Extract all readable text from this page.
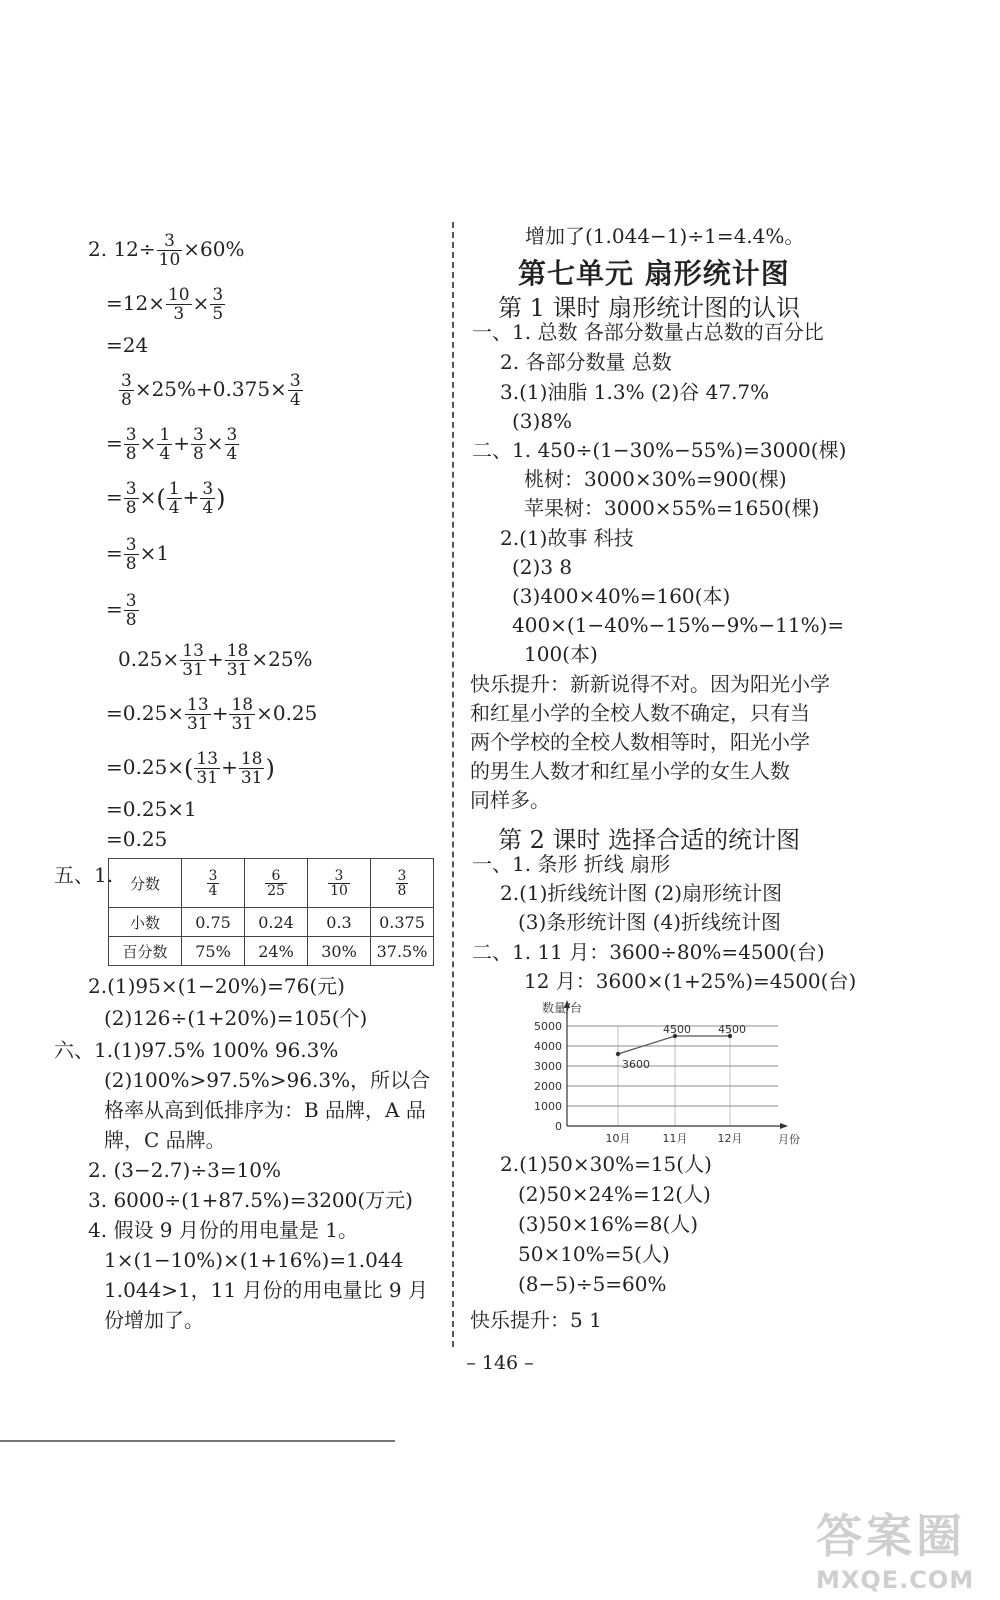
2. $12\div \frac{3}{10} \times 60\%$
$=12\times \frac{10}{3} \times \frac{3}{5}$
=24
$\frac{3}{8} \times 25\%+0.375\times \frac{3}{4}$
= $\frac{3}{8} \times \frac{1}{4} + \frac{3}{8} \times \frac{3}{4}$
= $\frac{3}{8}$ ×( $\frac{1}{4} + \frac{3}{4}$ )
= $\frac{3}{8} \times 1$
= $\frac{3}{8}$
$0.25\times \frac{13}{31} + \frac{18}{31} \times 25\%$
$=0.25\times \frac{13}{31} + \frac{18}{31} \times 0.25$
$=0.25\times( \frac{13}{31} + \frac{18}{31}$ )
=0.25×1
=0.25
五、1. 分数	$\frac{3}{4}$	$\frac{6}{25}$	$\frac{3}{10}$	$\frac{3}{8}$

小数	0.75	0.24	0.3	0.375
百分数	75%	24%	30%	37.5%
2.(1)95×(1−20%)=76(元)
(2)126÷(1+20%)=105(个)
六、1.(1)97.5% 100% 96.3%
(2)100%>97.5%>96.3%，所以合
格率从高到低排序为：B 品牌，A 品
牌，C 品牌。
2. (3−2.7)÷3=10%
3. 6000÷(1+87.5%)=3200(万元)
4. 假设 9 月份的用电量是 1。
1×(1−10%)×(1+16%)=1.044
1.044>1，11 月份的用电量比 9 月
份增加了。
增加了(1.044−1)÷1=4.4%。
第七单元 扇形统计图
第 1 课时 扇形统计图的认识
一、1. 总数 各部分数量占总数的百分比
2. 各部分数量 总数
3.(1)油脂 1.3% (2)谷 47.7%
(3)8%
二、1. 450÷(1−30%−55%)=3000(棵)
桃树：3000×30%=900(棵)
苹果树：3000×55%=1650(棵)
2.(1)故事 科技
(2)3 8
(3)400×40%=160(本)
400×(1−40%−15%−9%−11%)=
100(本)
快乐提升：新新说得不对。因为阳光小学
和红星小学的全校人数不确定，只有当
两个学校的全校人数相等时，阳光小学
的男生人数才和红星小学的女生人数
同样多。
第 2 课时 选择合适的统计图
一、1. 条形 折线 扇形
2.(1)折线统计图 (2)扇形统计图
(3)条形统计图 (4)折线统计图
二、1. 11 月：3600÷80%=4500(台)
12 月：3600×(1+25%)=4500(台)
数量/台
月份
0
1000
2000
3000
4000
5000
10月	11月	12月
3600
4500 4500
2.(1)50×30%=15(人)
(2)50×24%=12(人)
(3)50×16%=8(人)
50×10%=5(人)
(8−5)÷5=60%
快乐提升：5 1
– 146 –
答案圈
MXQE.COM
